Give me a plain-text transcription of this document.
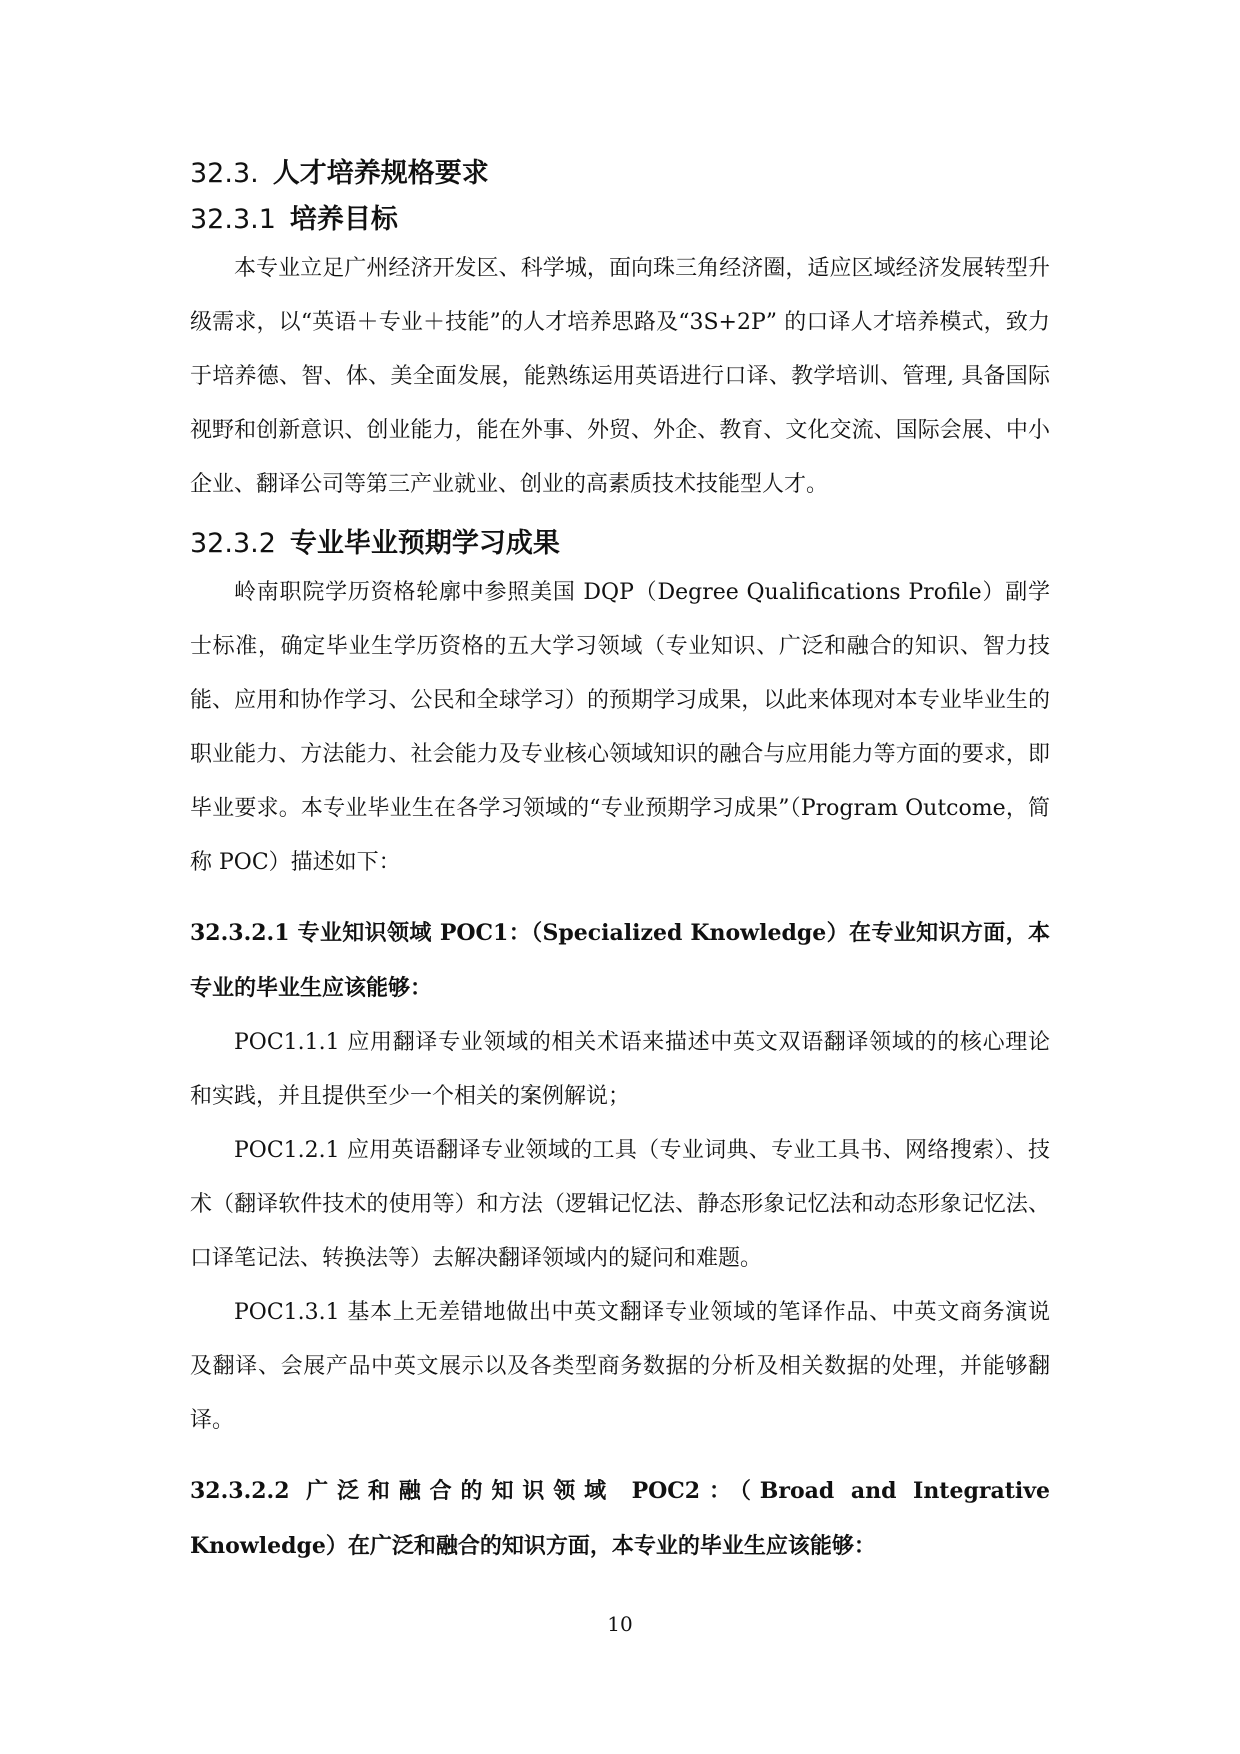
32.3. 人才培养规格要求
32.3.1 培养目标

本专业立足广州经济开发区、科学城，面向珠三角经济圈，适应区域经济发展转型升级需求，以“英语＋专业＋技能”的人才培养思路及“3S+2P” 的口译人才培养模式，致力于培养德、智、体、美全面发展，能熟练运用英语进行口译、教学培训、管理, 具备国际视野和创新意识、创业能力，能在外事、外贸、外企、教育、文化交流、国际会展、中小企业、翻译公司等第三产业就业、创业的高素质技术技能型人才。

32.3.2 专业毕业预期学习成果

岭南职院学历资格轮廓中参照美国 DQP（Degree Qualifications Profile）副学士标准，确定毕业生学历资格的五大学习领域（专业知识、广泛和融合的知识、智力技能、应用和协作学习、公民和全球学习）的预期学习成果，以此来体现对本专业毕业生的职业能力、方法能力、社会能力及专业核心领域知识的融合与应用能力等方面的要求，即毕业要求。本专业毕业生在各学习领域的“专业预期学习成果”（Program Outcome，简称 POC）描述如下：

32.3.2.1 专业知识领域 POC1：（Specialized Knowledge）在专业知识方面，本专业的毕业生应该能够：

POC1.1.1 应用翻译专业领域的相关术语来描述中英文双语翻译领域的的核心理论和实践，并且提供至少一个相关的案例解说；

POC1.2.1 应用英语翻译专业领域的工具（专业词典、专业工具书、网络搜索）、技术（翻译软件技术的使用等）和方法（逻辑记忆法、静态形象记忆法和动态形象记忆法、口译笔记法、转换法等）去解决翻译领域内的疑问和难题。

POC1.3.1 基本上无差错地做出中英文翻译专业领域的笔译作品、中英文商务演说及翻译、会展产品中英文展示以及各类型商务数据的分析及相关数据的处理，并能够翻译。

32.3.2.2 广泛和融合的知识领域 POC2：（Broad and Integrative Knowledge）在广泛和融合的知识方面，本专业的毕业生应该能够：

10
